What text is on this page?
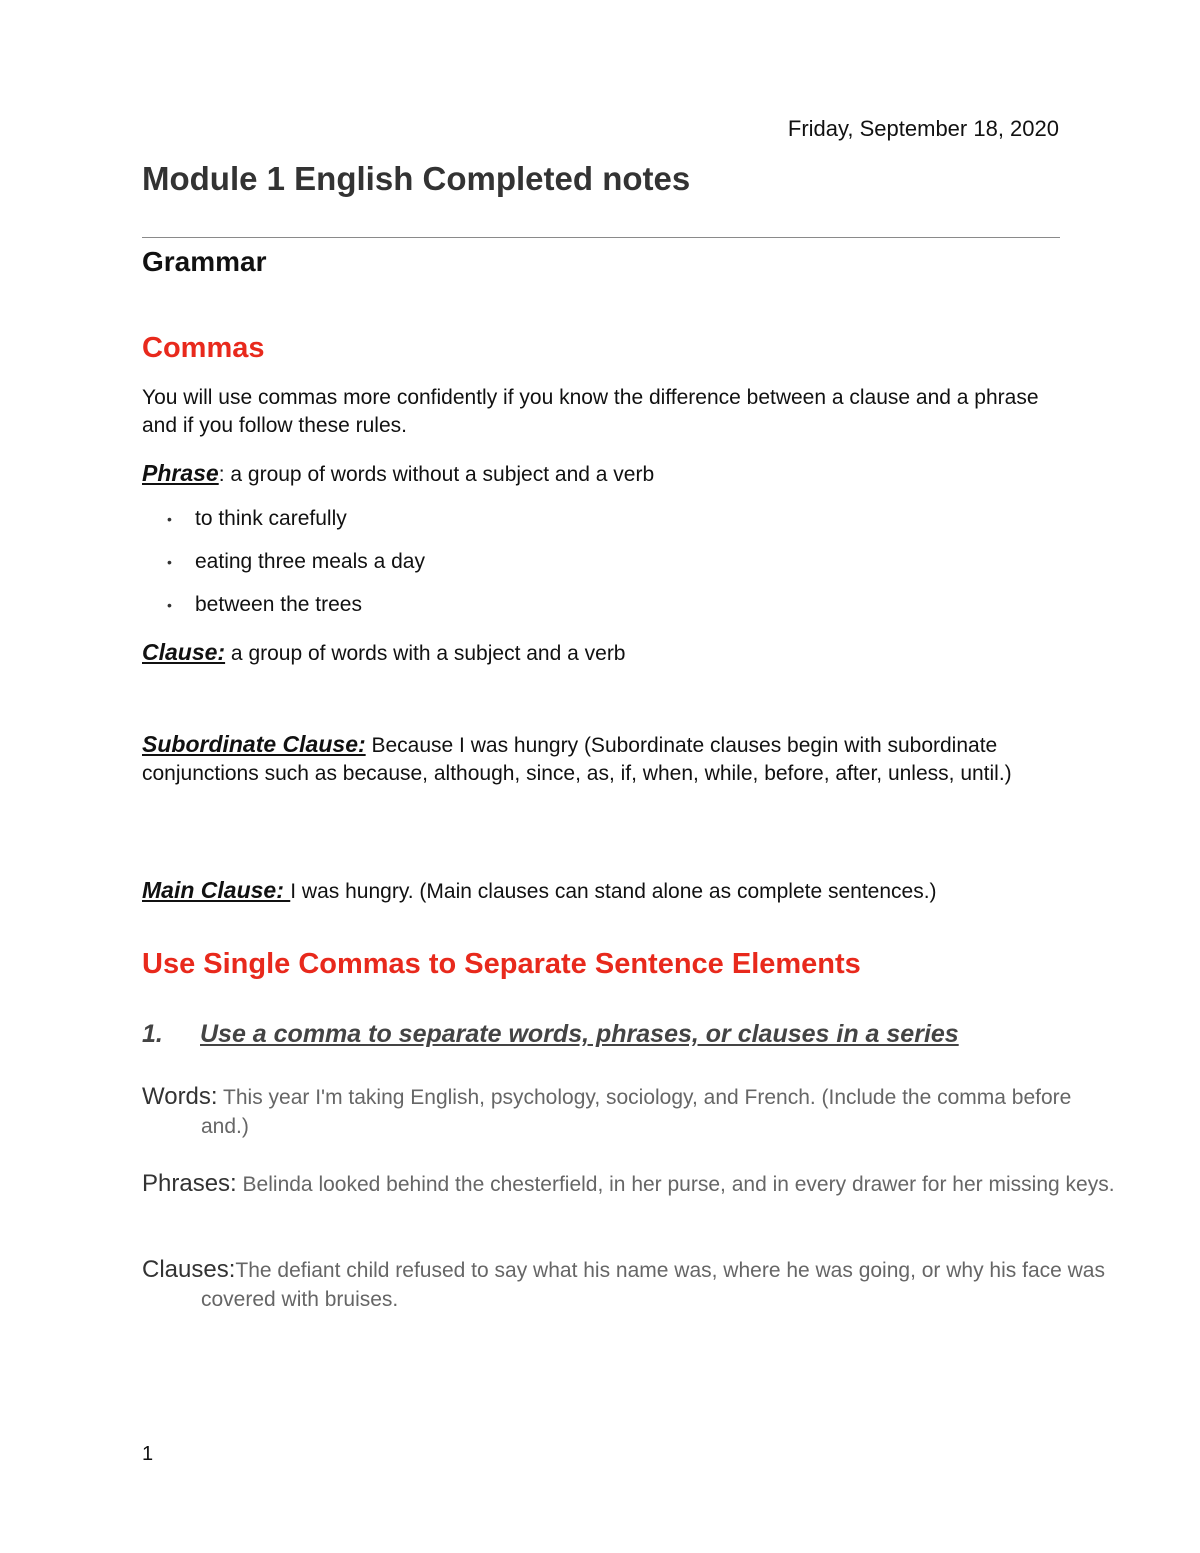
Friday, September 18, 2020
Module 1 English Completed notes
Grammar
Commas

You will use commas more confidently if you know the difference between a clause and a phrase and if you follow these rules.

Phrase: a group of words without a subject and a verb

• to think carefully
• eating three meals a day
• between the trees

Clause: a group of words with a subject and a verb

Subordinate Clause: Because I was hungry (Subordinate clauses begin with subordinate conjunctions such as because, although, since, as, if, when, while, before, after, unless, until.)

Main Clause: I was hungry. (Main clauses can stand alone as complete sentences.)

Use Single Commas to Separate Sentence Elements
1. Use a comma to separate words, phrases, or clauses in a series

Words: This year I'm taking English, psychology, sociology, and French. (Include the comma before and.)

Phrases: Belinda looked behind the chesterfield, in her purse, and in every drawer for her missing keys.

Clauses:The defiant child refused to say what his name was, where he was going, or why his face was covered with bruises.

1
